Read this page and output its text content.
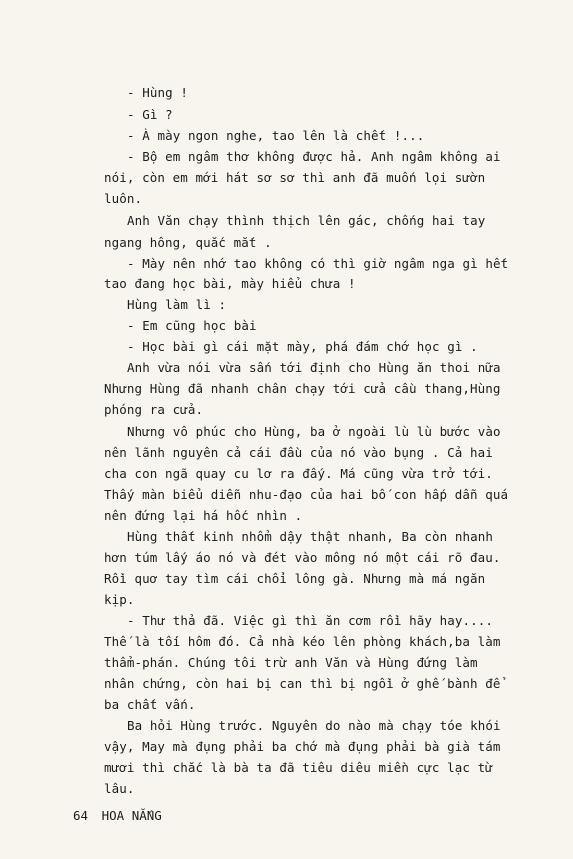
- Hùng !
- Gì ?
- À mày ngon nghe, tao lên là chết !...
- Bộ em ngâm thơ không được hả. Anh ngâm không ai
nói, còn em mới hát sơ sơ thì anh đã muốn lọi sườn
luôn.
Anh Văn chạy thình thịch lên gác, chống hai tay
ngang hông, quắc mắt .
- Mày nên nhớ tao không có thì giờ ngâm nga gì hết
tao đang học bài, mày hiểu chưa !
Hùng làm lì :
- Em cũng học bài
- Học bài gì cái mặt mày, phá đám chớ học gì .
Anh vừa nói vừa sấn tới định cho Hùng ăn thoi nữa
Nhưng Hùng đã nhanh chân chạy tới cửa cầu thang,Hùng
phóng ra cửa.
Nhưng vô phúc cho Hùng, ba ở ngoài lù lù bước vào
nên lãnh nguyên cả cái đầu của nó vào bụng . Cả hai
cha con ngã quay cu lơ ra đấy. Má cũng vừa trở tới.
Thấy màn biểu diễn nhu-đạo của hai bố con hấp dẫn quá
nên đứng lại há hốc nhìn .
Hùng thất kinh nhổm dậy thật nhanh, Ba còn nhanh
hơn túm lấy áo nó và đét vào mông nó một cái rõ đau.
Rồi quơ tay tìm cái chổi lông gà. Nhưng mà má ngăn
kịp.
- Thư thả đã. Việc gì thì ăn cơm rồi hãy hay....
Thế là tối hôm đó. Cả nhà kéo lên phòng khách,ba làm
thẩm-phán. Chúng tôi trừ anh Văn và Hùng đứng làm
nhân chứng, còn hai bị can thì bị ngồi ở ghế bành để
ba chất vấn.
Ba hỏi Hùng trước. Nguyên do nào mà chạy tóe khói
vậy, May mà đụng phải ba chớ mà đụng phải bà già tám
mươi thì chắc là bà ta đã tiêu diêu miền cực lạc từ
lâu.
64 HOA NẮNG
